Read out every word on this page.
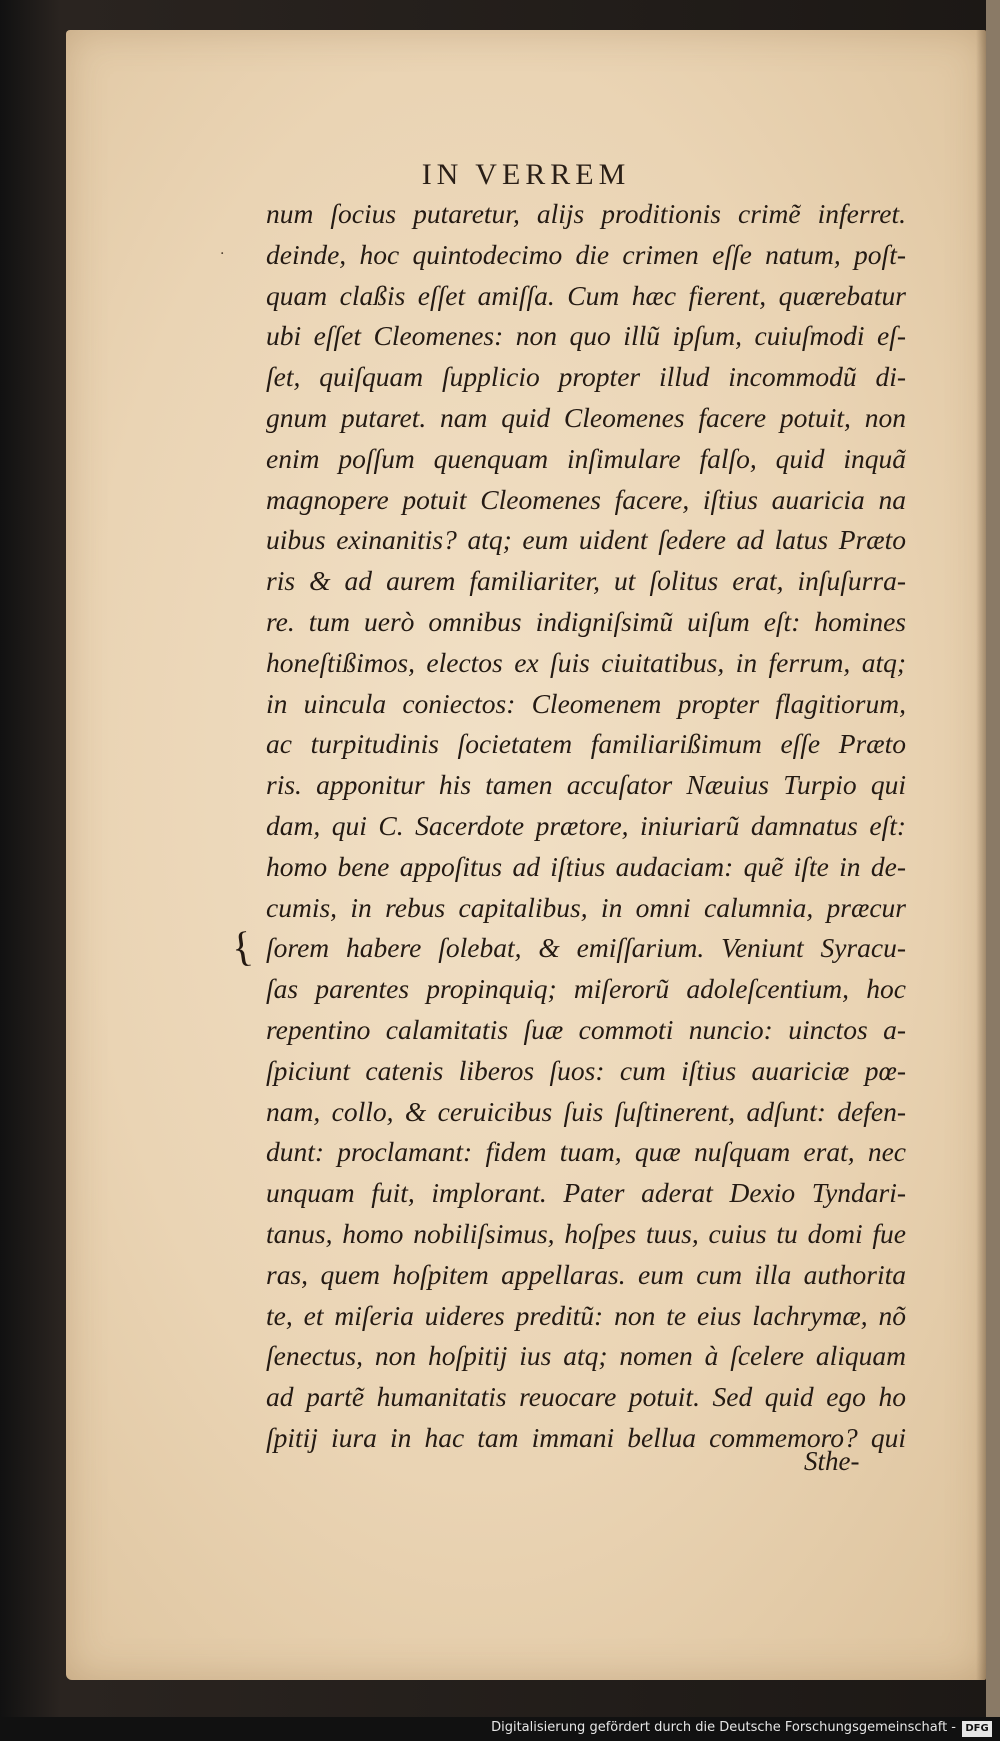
IN VERREM
·
{
num ſocius putaretur, aliјs proditionis crimẽ inferret.
deinde, hoc quintodecimo die crimen eſſe natum, poſt-
quam claßis eſſet amiſſa. Cum hæc fierent, quærebatur
ubi eſſet Cleomenes: non quo illũ ipſum, cuiuſmodi eſ-
ſet, quiſquam ſupplicio propter illud incommodũ di-
gnum putaret. nam quid Cleomenes facere potuit, non
enim poſſum quenquam inſimulare falſo, quid inquã
magnopere potuit Cleomenes facere, iſtius auaricia na
uibus exinanitis? atq; eum uident ſedere ad latus Præto
ris & ad aurem familiariter, ut ſolitus erat, inſuſurra-
re. tum uerò omnibus indigniſsimũ uiſum eſt: homines
honeſtißimos, electos ex ſuis ciuitatibus, in ferrum, atq;
in uincula coniectos: Cleomenem propter flagitiorum,
ac turpitudinis ſocietatem familiarißimum eſſe Præto
ris. apponitur his tamen accuſator Næuius Turpio qui
dam, qui C. Sacerdote prætore, iniuriarũ damnatus eſt:
homo bene appoſitus ad iſtius audaciam: quẽ iſte in de-
cumis, in rebus capitalibus, in omni calumnia, præcur
ſorem habere ſolebat, & emiſſarium. Veniunt Syracu-
ſas parentes propinquiq; miſerorũ adoleſcentium, hoc
repentino calamitatis ſuæ commoti nuncio: uinctos a-
ſpiciunt catenis liberos ſuos: cum iſtius auariciæ pœ-
nam, collo, & ceruicibus ſuis ſuſtinerent, adſunt: defen-
dunt: proclamant: fidem tuam, quæ nuſquam erat, nec
unquam fuit, implorant. Pater aderat Dexio Tyndari-
tanus, homo nobiliſsimus, hoſpes tuus, cuius tu domi fue
ras, quem hoſpitem appellaras. eum cum illa authorita
te, et miſeria uideres preditũ: non te eius lachrymæ, nõ
ſenectus, non hoſpitij ius atq; nomen à ſcelere aliquam
ad partẽ humanitatis reuocare potuit. Sed quid ego ho
ſpitij iura in hac tam immani bellua commemoro? qui
Sthe-
Digitalisierung gefördert durch die Deutsche Forschungsgemeinschaft - DFG
